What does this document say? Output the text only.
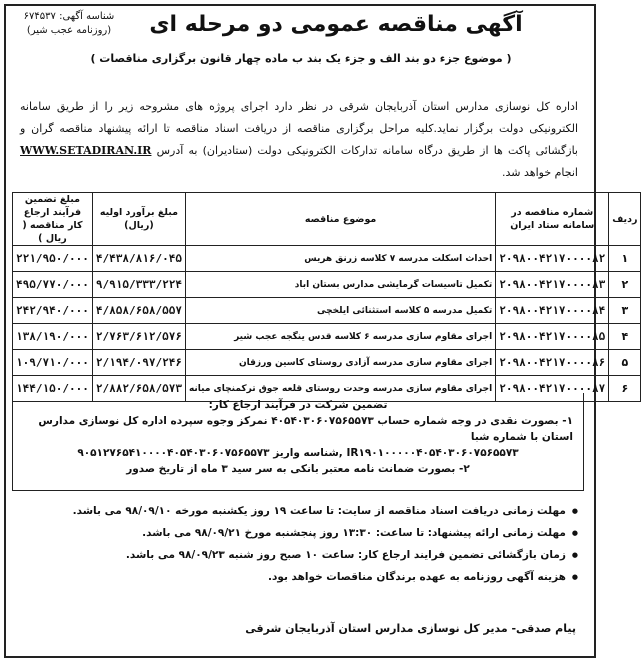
شناسه آگهی: ۶۷۴۵۳۷
(روزنامه عجب شیر)	آگهی مناقصه عمومی دو مرحله ای
( موضوع جزء دو بند الف و جزء یک بند ب ماده چهار قانون برگزاری مناقصات )
اداره کل نوسازی مدارس استان آذربایجان شرقی در نظر دارد اجرای پروژه های مشروحه زیر را از طریق سامانه الکترونیکی دولت برگزار نماید.کلیه مراحل برگزاری مناقصه از دریافت اسناد مناقصه تا ارائه پیشنهاد مناقصه گران و بازگشائی پاکت ها از طریق درگاه سامانه تدارکات الکترونیکی دولت (ستادیران) به آدرس WWW.SETADIRAN.IR انجام خواهد شد.
ردیف	شماره مناقصه در سامانه ستاد ایران	موضوع مناقصه	مبلغ برآورد اولیه (ریال)	مبلغ تضمین فرآیند ارجاع کار مناقصه ( ریال )
۱	۲۰۹۸۰۰۴۲۱۷۰۰۰۰۸۲	احداث اسکلت مدرسه ۷ کلاسه زرنق هریس	۴/۴۳۸/۸۱۶/۰۴۵	۲۲۱/۹۵۰/۰۰۰
۲	۲۰۹۸۰۰۴۲۱۷۰۰۰۰۸۳	تکمیل تاسیسات گرمایشی مدارس بستان اباد	۹/۹۱۵/۳۳۳/۲۲۴	۴۹۵/۷۷۰/۰۰۰
۳	۲۰۹۸۰۰۴۲۱۷۰۰۰۰۸۴	تکمیل مدرسه ۵ کلاسه استثنائی ایلخچی	۴/۸۵۸/۶۵۸/۵۵۷	۲۴۲/۹۴۰/۰۰۰
۴	۲۰۹۸۰۰۴۲۱۷۰۰۰۰۸۵	اجرای مقاوم سازی مدرسه ۶ کلاسه قدس ینگجه عجب شیر	۲/۷۶۳/۶۱۲/۵۷۶	۱۳۸/۱۹۰/۰۰۰
۵	۲۰۹۸۰۰۴۲۱۷۰۰۰۰۸۶	اجرای مقاوم سازی مدرسه آزادی روستای کاسین ورزقان	۲/۱۹۴/۰۹۷/۲۴۶	۱۰۹/۷۱۰/۰۰۰
۶	۲۰۹۸۰۰۴۲۱۷۰۰۰۰۸۷	اجرای مقاوم سازی مدرسه وحدت روستای قلعه جوق ترکمنچای میانه	۲/۸۸۲/۶۵۸/۵۷۳	۱۴۴/۱۵۰/۰۰۰
تضمین شرکت در فرآیند ارجاع کار:
۱- بصورت نقدی در وجه شماره حساب ۴۰۵۴۰۳۰۶۰۷۵۶۵۵۷۳ نمرکز وجوه سپرده اداره کل نوسازی مدارس استان با شماره شبا
IR۱۹۰۱۰۰۰۰۰۴۰۵۴۰۳۰۶۰۷۵۶۵۵۷۳ ,شناسه واریز ۹۰۵۱۲۷۶۵۴۱۰۰۰۰۴۰۵۴۰۳۰۶۰۷۵۶۵۵۷۳
۲- بصورت ضمانت نامه معتبر بانکی به سر سید ۳ ماه از تاریخ صدور
● مهلت زمانی دریافت اسناد مناقصه از سایت: تا ساعت ۱۹ روز یکشنبه مورخه ۹۸/۰۹/۱۰ می باشد.
● مهلت زمانی ارائه پیشنهاد: تا ساعت: ۱۳:۳۰ روز پنجشنبه مورخ ۹۸/۰۹/۲۱ می باشد.
● زمان بازگشائی تضمین فرایند ارجاع کار: ساعت ۱۰ صبح روز شنبه ۹۸/۰۹/۲۳ می باشد.
● هزینه آگهی روزنامه به عهده برندگان مناقصات خواهد بود.
پیام صدقی- مدیر کل نوسازی مدارس استان آذربایجان شرقی
